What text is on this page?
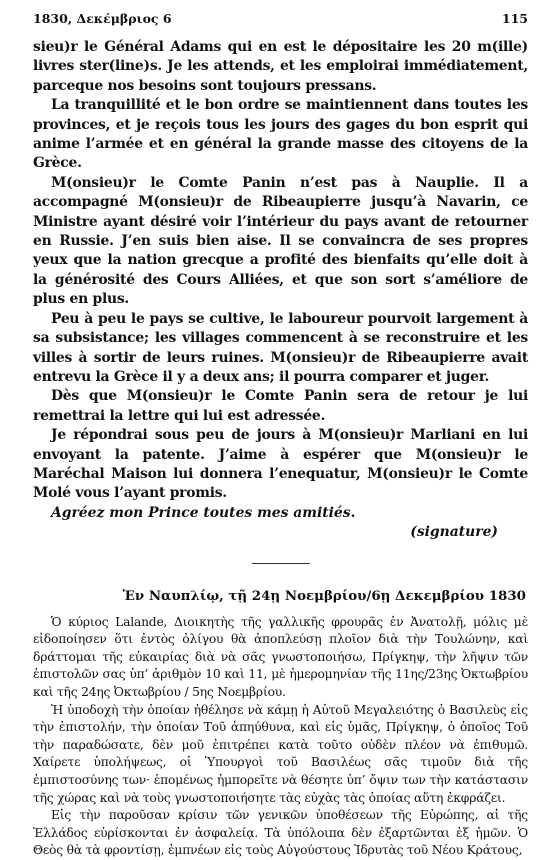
1830, Δεκέμβριος 6	115

sieu)r le Général Adams qui en est le dépositaire les 20 m(ille) livres ster(line)s. Je les attends, et les emploirai immédiatement, parceque nos besoins sont toujours pressans.

La tranquillité et le bon ordre se maintiennent dans toutes les provinces, et je reçois tous les jours des gages du bon esprit qui anime l’armée et en général la grande masse des citoyens de la Grèce.

M(onsieu)r le Comte Panin n’est pas à Nauplie. Il a accompagné M(onsieu)r de Ribeaupierre jusqu’à Navarin, ce Ministre ayant désiré voir l’intérieur du pays avant de retourner en Russie. J’en suis bien aise. Il se convaincra de ses propres yeux que la nation grecque a profité des bienfaits qu’elle doit à la générosité des Cours Alliées, et que son sort s’améliore de plus en plus.

Peu à peu le pays se cultive, le laboureur pourvoit largement à sa subsistance; les villages commencent à se reconstruire et les villes à sortir de leurs ruines. M(onsieu)r de Ribeaupierre avait entrevu la Grèce il y a deux ans; il pourra comparer et juger.

Dès que M(onsieu)r le Comte Panin sera de retour je lui remettrai la lettre qui lui est adressée.

Je répondrai sous peu de jours à M(onsieu)r Marliani en lui envoyant la patente. J’aime à espérer que M(onsieu)r le Maréchal Maison lui donnera l’enequatur, M(onsieu)r le Comte Molé vous l’ayant promis.

Agréez mon Prince toutes mes amitiés.

(signature)

Ἐν Ναυπλίῳ, τῇ 24ῃ Νοεμβρίου/6ῃ Δεκεμβρίου 1830

Ὁ κύριος Lalande, Διοικητὴς τῆς γαλλικῆς φρουρᾶς ἐν Ἀνατολῇ, μόλις μὲ εἰδοποίησεν ὅτι ἐντὸς ὀλίγου θὰ ἀποπλεύσῃ πλοῖον διὰ τὴν Τουλώνην, καὶ δράττομαι τῆς εὐκαιρίας διὰ νὰ σᾶς γνωστοποιήσω, Πρίγκηψ, τὴν λῆψιν τῶν ἐπιστολῶν σας ὑπ’ ἀριθμὸν 10 καὶ 11, μὲ ἡμερομηνίαν τῆς 11ης/23ης Ὀκτωβρίου καὶ τῆς 24ης Ὀκτωβρίου / 5ης Νοεμβρίου.

Ἡ ὑποδοχὴ τὴν ὁποίαν ἠθέλησε νὰ κάμῃ ἡ Αὐτοῦ Μεγαλειότης ὁ Βασιλεὺς εἰς τὴν ἐπιστολήν, τὴν ὁποίαν Τοῦ ἀπηύθυνα, καὶ εἰς ὑμᾶς, Πρίγκηψ, ὁ ὁποῖος Τοῦ τὴν παραδώσατε, δὲν μοῦ ἐπιτρέπει κατὰ τοῦτο οὐδὲν πλέον νὰ ἐπιθυμῶ. Χαίρετε ὑπολήψεως, οἱ Ὑπουργοὶ τοῦ Βασιλέως σᾶς τιμοῦν διὰ τῆς ἐμπιστοσύνης των· ἑπομένως ἠμπορεῖτε νὰ θέσητε ὑπ’ ὄψιν των τὴν κατάστασιν τῆς χώρας καὶ νὰ τοὺς γνωστοποιήσητε τὰς εὐχὰς τὰς ὁποίας αὕτη ἐκφράζει.

Εἰς τὴν παροῦσαν κρίσιν τῶν γενικῶν ὑποθέσεων τῆς Εὐρώπης, αἱ τῆς Ἑλλάδος εὑρίσκονται ἐν ἀσφαλείᾳ. Τὰ ὑπόλοιπα δὲν ἐξαρτῶνται ἐξ ἡμῶν. Ὁ Θεὸς θὰ τὰ φροντίσῃ, ἐμπνέων εἰς τοὺς Αὐγούστους Ἱδρυτὰς τοῦ Νέου Κράτους,
